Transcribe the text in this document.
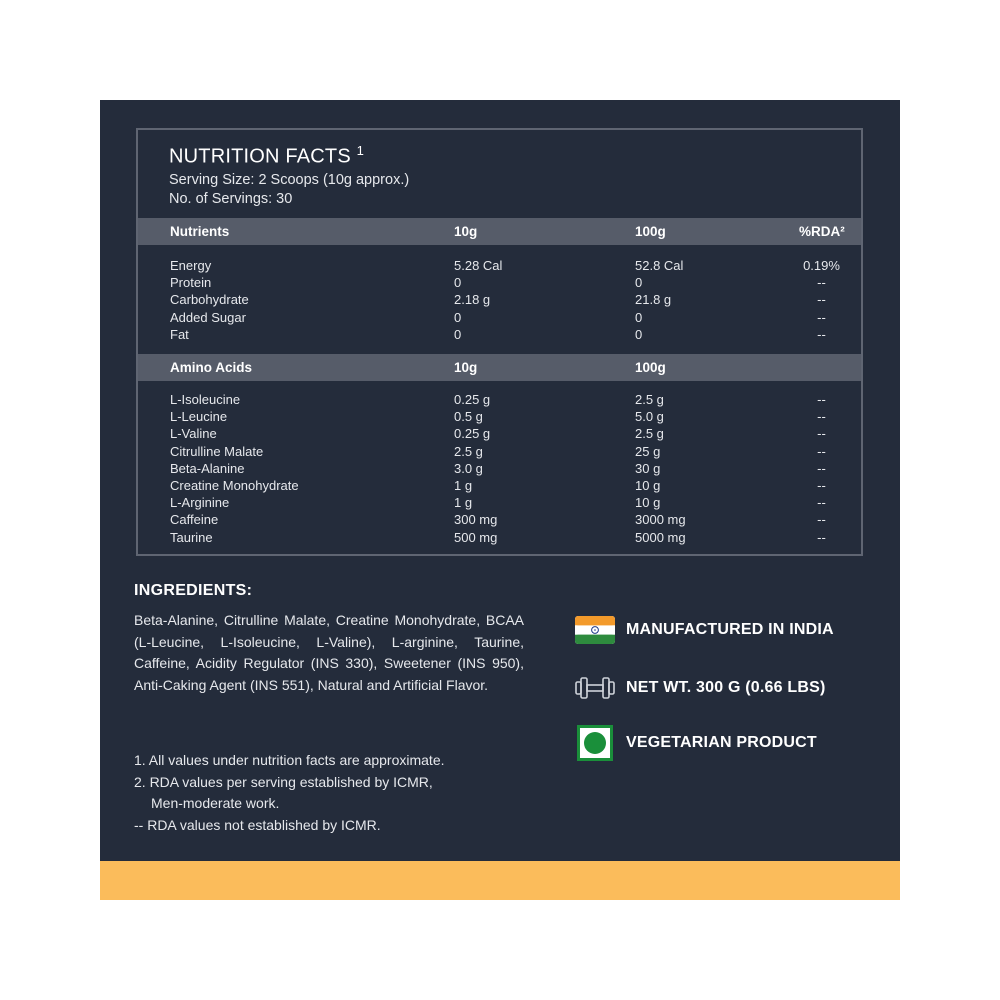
NUTRITION FACTS $^1$
Serving Size: 2 Scoops (10g approx.)
No. of Servings: 30
Nutrients	10g	100g	%RDA²
Energy	5.28 Cal	52.8 Cal	0.19%
Protein	0	0	--
Carbohydrate	2.18 g	21.8 g	--
Added Sugar	0	0	--
Fat	0	0	--
Amino Acids	10g	100g
L-Isoleucine	0.25 g	2.5 g	--
L-Leucine	0.5 g	5.0 g	--
L-Valine	0.25 g	2.5 g	--
Citrulline Malate	2.5 g	25 g	--
Beta-Alanine	3.0 g	30 g	--
Creatine Monohydrate	1 g	10 g	--
L-Arginine	1 g	10 g	--
Caffeine	300 mg	3000 mg	--
Taurine	500 mg	5000 mg	--
INGREDIENTS:
Beta-Alanine, Citrulline Malate, Creatine Monohydrate, BCAA (L-Leucine, L-Isoleucine, L-Valine), L-arginine, Taurine, Caffeine, Acidity Regulator (INS 330), Sweetener (INS 950), Anti-Caking Agent (INS 551), Natural and Artificial Flavor.
1. All values under nutrition facts are approximate.
2. RDA values per serving established by ICMR,
Men-moderate work.
-- RDA values not established by ICMR.
MANUFACTURED IN INDIA
NET WT. 300 G (0.66 LBS)
VEGETARIAN PRODUCT
